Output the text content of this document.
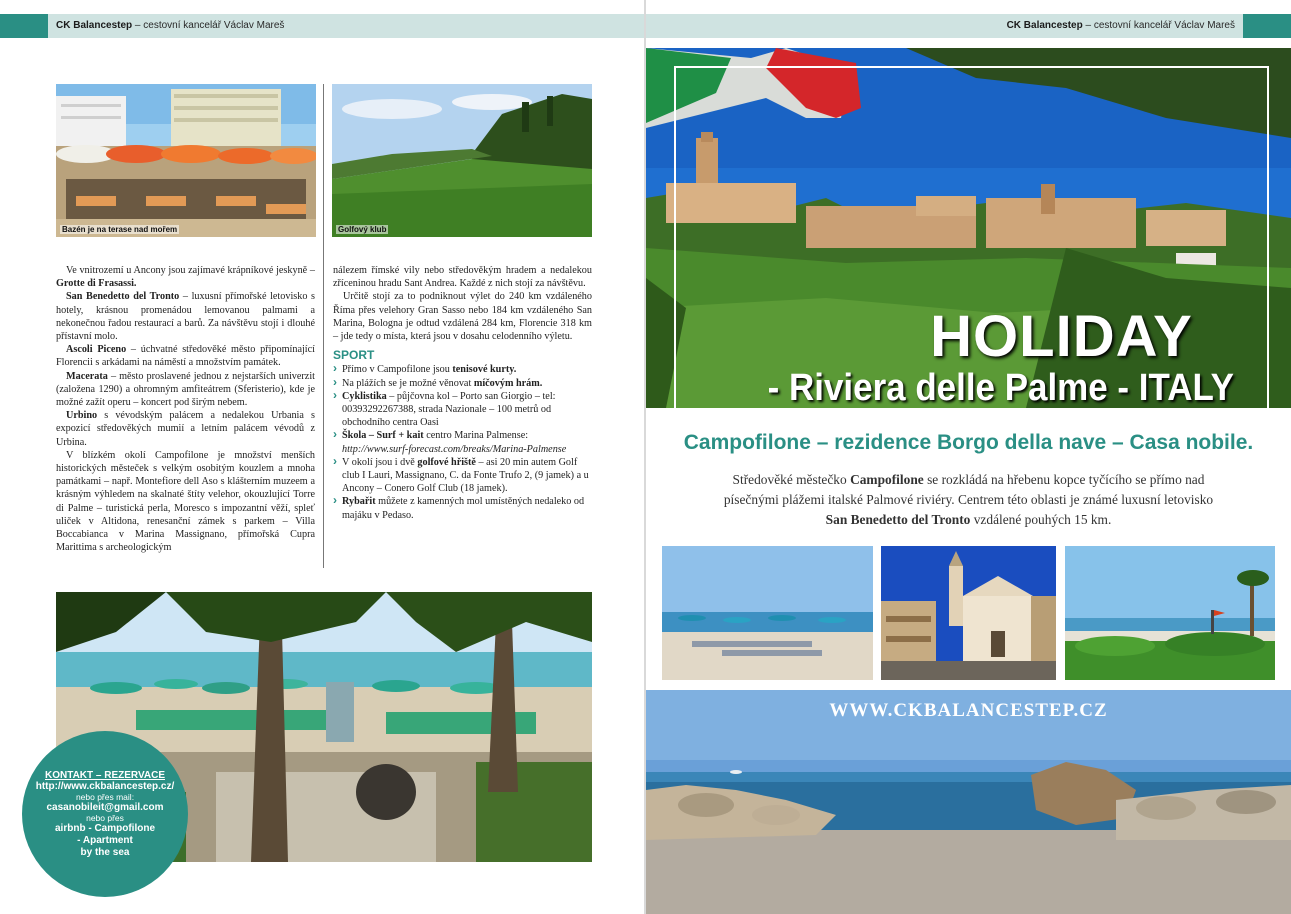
CK Balancestep – cestovní kancelář Václav Mareš
Bazén je na terase nad mořem	Golfový klub

Ve vnitrozemí u Ancony jsou zajímavé krápníkové jeskyně – Grotte di Frasassi.

San Benedetto del Tronto – luxusní přímořské letovisko s hotely, krásnou promenádou lemovanou palmami a nekonečnou řadou restaurací a barů. Za návštěvu stojí i dlouhé přístavní molo.

Ascoli Piceno – úchvatné středověké město připomínající Florencii s arkádami na náměstí a množstvím památek.

Macerata – město proslavené jednou z nejstarších univerzit (založena 1290) a ohromným amfiteátrem (Sferisterio), kde je možné zažít operu – koncert pod širým nebem.

Urbino s vévodským palácem a nedalekou Urbania s expozicí středověkých mumií a letním palácem vévodů z Urbina.

V blízkém okolí Campofilone je množství menších historických městeček s velkým osobitým kouzlem a mnoha památkami – např. Montefiore dell Aso s klášterním muzeem a krásným výhledem na skalnaté štíty velehor, okouzlující Torre di Palme – turistická perla, Moresco s impozantní věží, spleť uliček v Altidona, renesanční zámek s parkem – Villa Boccabianca v Marina Massignano, přímořská Cupra Marittima s archeologickým

nálezem římské vily nebo středověkým hradem a nedalekou zříceninou hradu Sant Andrea. Každé z nich stojí za návštěvu.

Určitě stojí za to podniknout výlet do 240 km vzdáleného Říma přes velehory Gran Sasso nebo 184 km vzdáleného San Marina, Bologna je odtud vzdálená 284 km, Florencie 318 km – jde tedy o místa, která jsou v dosahu celodenního výletu.

SPORT
› Přímo v Campofilone jsou tenisové kurty.
› Na plážích se je možné věnovat míčovým hrám.
› Cyklistika – půjčovna kol – Porto san Giorgio – tel: 00393292267388, strada Nazionale – 100 metrů od obchodního centra Oasi
› Škola – Surf + kait centro Marina Palmense:
http://www.surf-forecast.com/breaks/Marina-Palmense
› V okolí jsou i dvě golfové hřiště – asi 20 min autem Golf club I Lauri, Massignano, C. da Fonte Trufo 2, (9 jamek) a u Ancony – Conero Golf Club (18 jamek).
› Rybařit můžete z kamenných mol umístěných nedaleko od majáku v Pedaso.
KONTAKT – REZERVACE
http://www.ckbalancestep.cz/
nebo přes mail:
casanobileit@gmail.com
nebo přes
airbnb - Campofilone
- Apartment
by the sea
CK Balancestep – cestovní kancelář Václav Mareš
HOLIDAY
- Riviera delle Palme - ITALY
Campofilone – rezidence Borgo della nave – Casa nobile.
Středověké městečko Campofilone se rozkládá na hřebenu kopce tyčícího se přímo nad písečnými plážemi italské Palmové riviéry. Centrem této oblasti je známé luxusní letovisko San Benedetto del Tronto vzdálené pouhých 15 km.
WWW.CKBALANCESTEP.CZ
